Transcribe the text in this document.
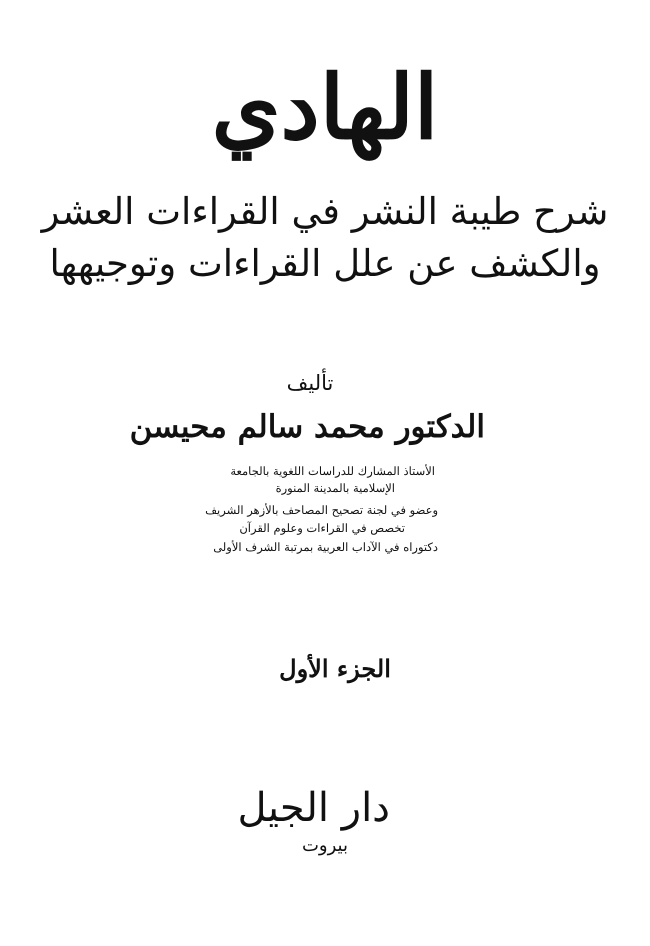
الهادي
شرح طيبة النشر في القراءات العشر
والكشف عن علل القراءات وتوجيهها
تأليف
الدكتور محمد سالم محيسن
الأستاذ المشارك للدراسات اللغوية بالجامعة
الإسلامية بالمدينة المنورة
وعضو في لجنة تصحيح المصاحف بالأزهر الشريف
تخصص في القراءات وعلوم القرآن
دكتوراه في الآداب العربية بمرتبة الشرف الأولى
الجزء الأول
دار الجيل
بيروت
